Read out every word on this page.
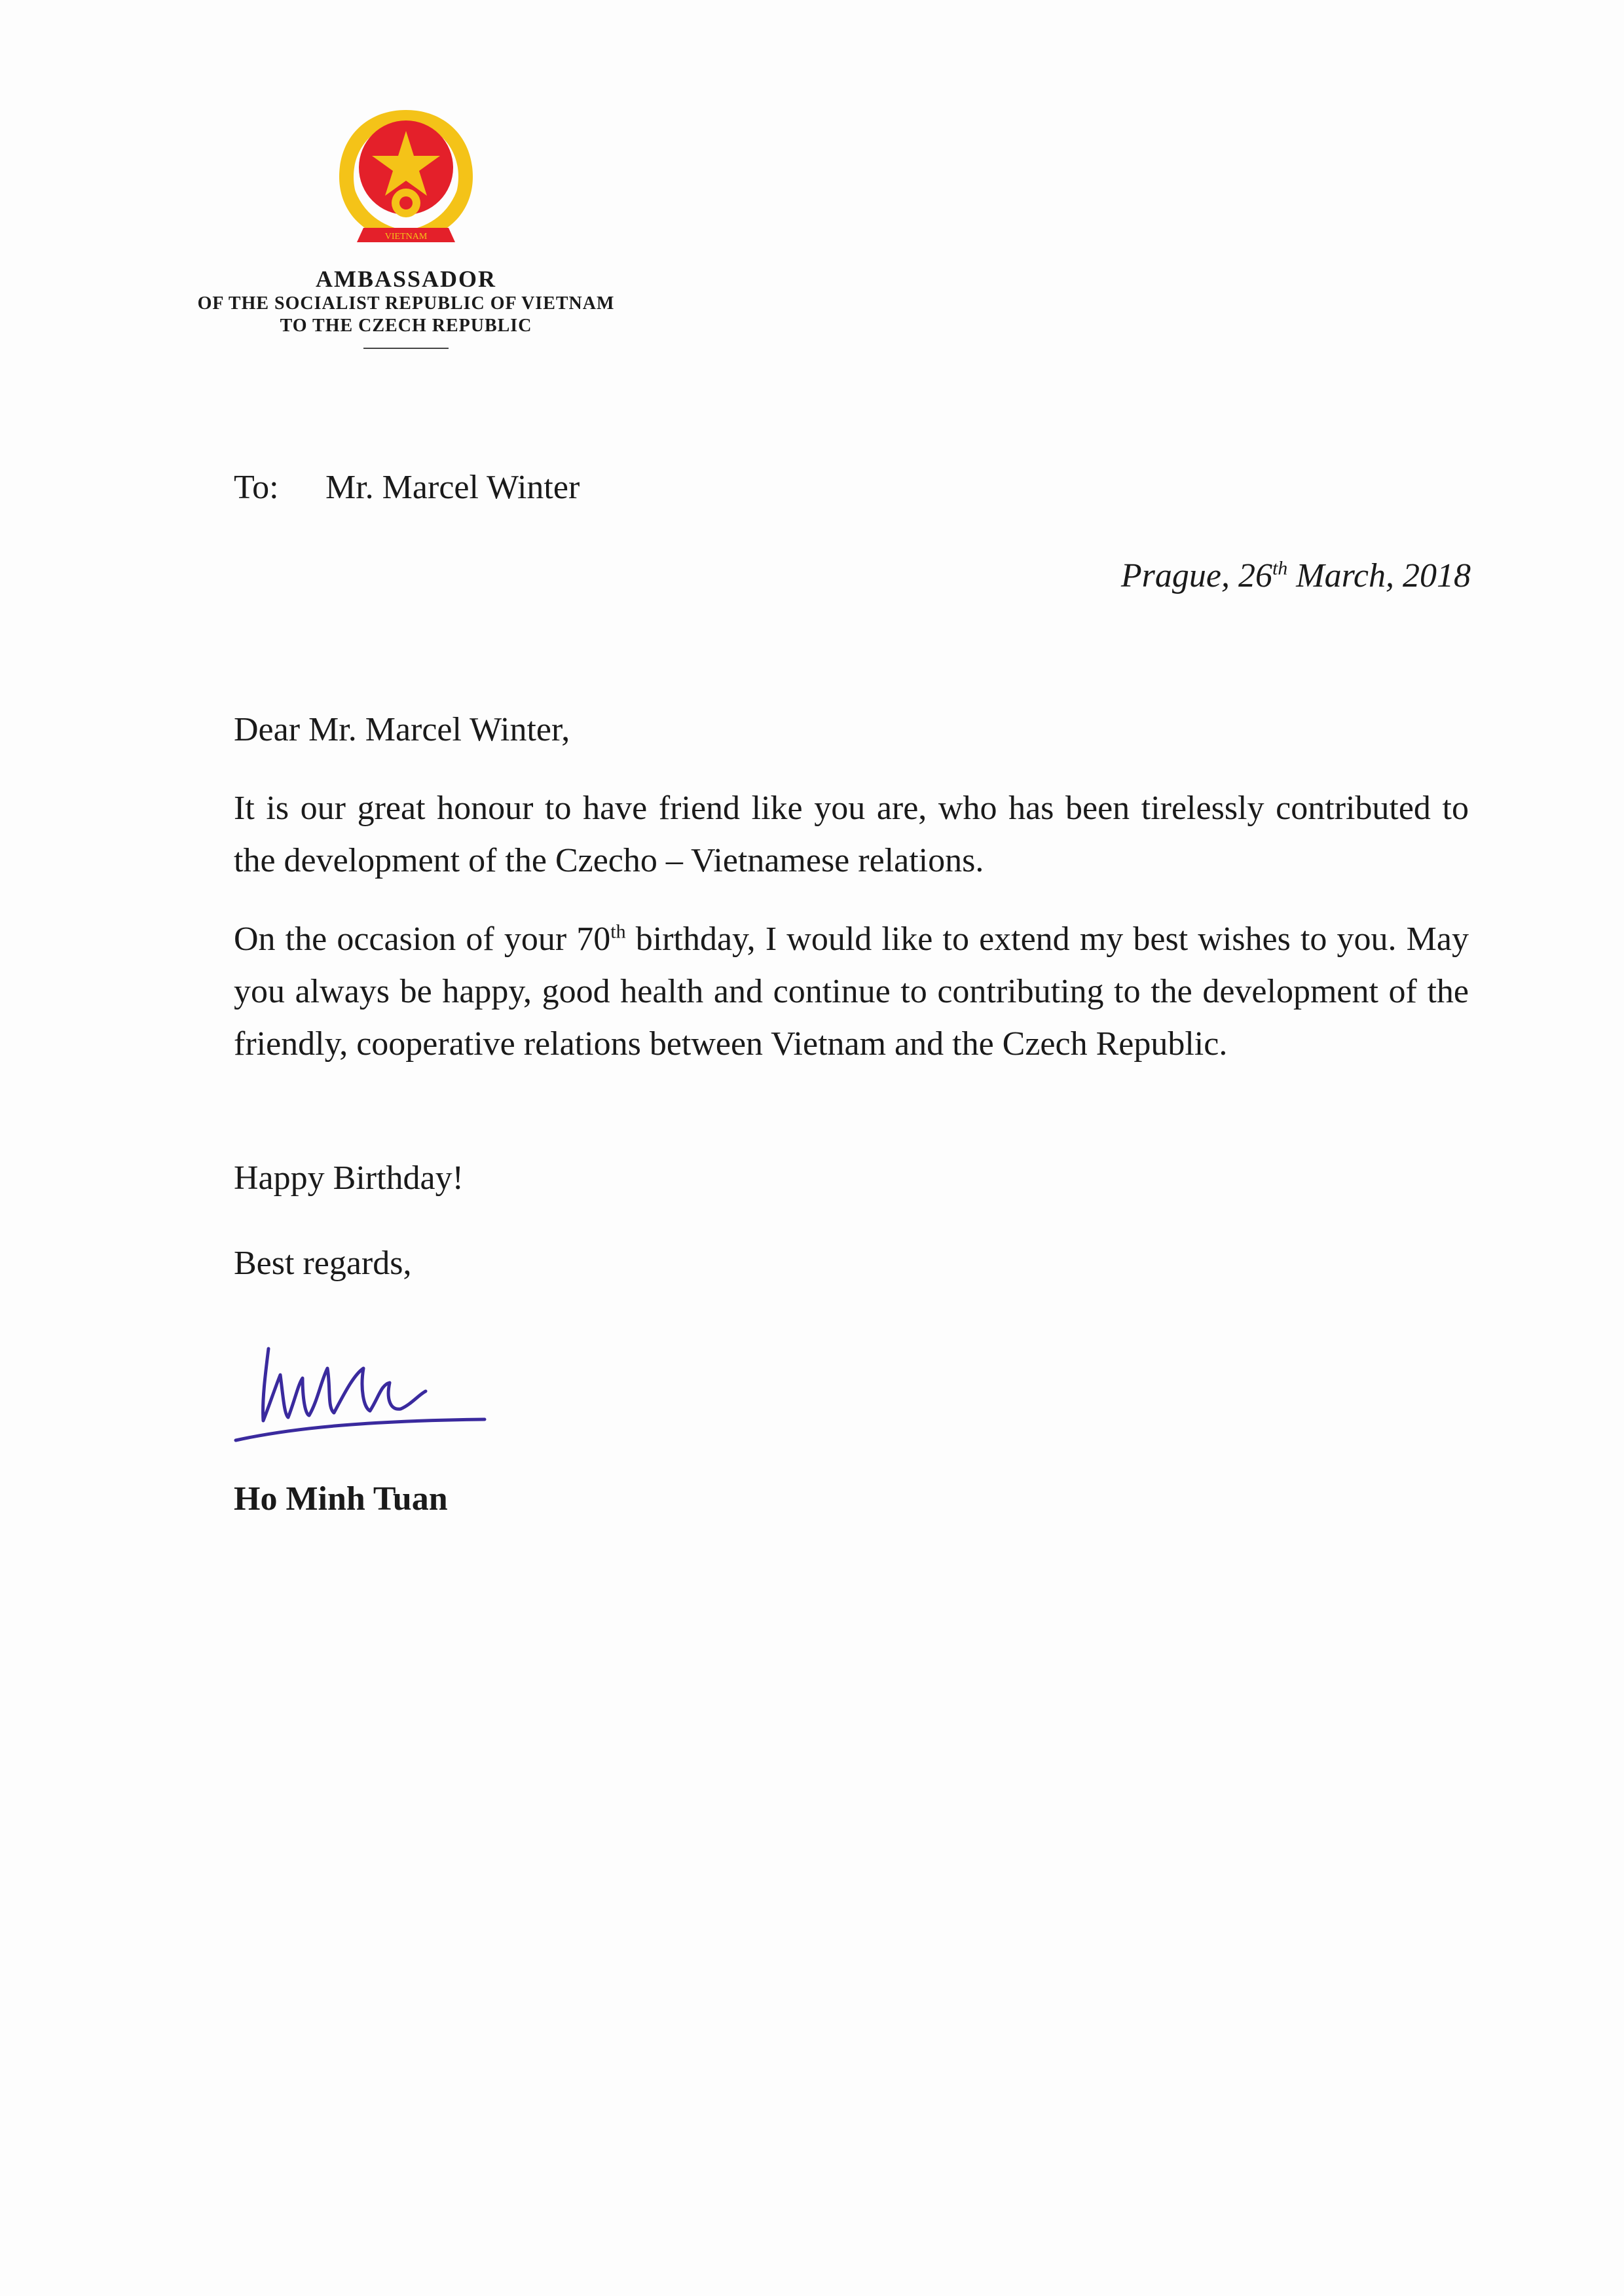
VIETNAM
AMBASSADOR
OF THE SOCIALIST REPUBLIC OF VIETNAM
TO THE CZECH REPUBLIC
To: Mr. Marcel Winter
Prague, 26th March, 2018
Dear Mr. Marcel Winter,
It is our great honour to have friend like you are, who has been tirelessly contributed to the development of the Czecho – Vietnamese relations.
On the occasion of your 70th birthday, I would like to extend my best wishes to you. May you always be happy, good health and continue to contributing to the development of the friendly, cooperative relations between Vietnam and the Czech Republic.
Happy Birthday!
Best regards,
Ho Minh Tuan
